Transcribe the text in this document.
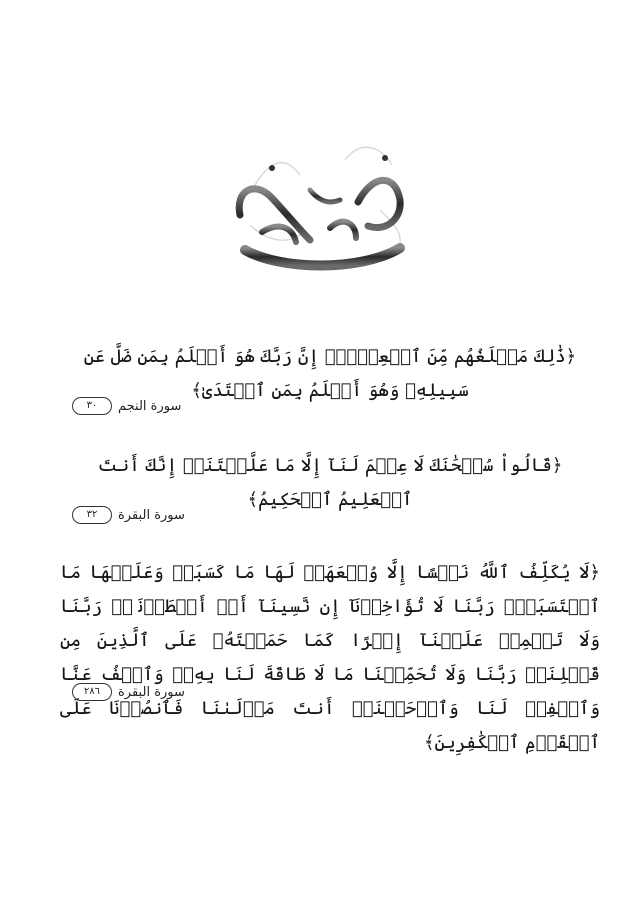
﴿ذَٰلِكَ مَبۡلَغُهُم مِّنَ ٱلۡعِلۡمِۚ إِنَّ رَبَّكَ هُوَ أَعۡلَمُ بِمَن ضَلَّ عَن سَبِيلِهِۦ وَهُوَ أَعۡلَمُ بِمَنِ ٱهۡتَدَىٰ﴾
٣٠	سورة النجم
﴿قَالُواْ سُبۡحَٰنَكَ لَا عِلۡمَ لَنَآ إِلَّا مَا عَلَّمۡتَنَآۖ إِنَّكَ أَنتَ ٱلۡعَلِيمُ ٱلۡحَكِيمُ﴾
٣٢	سورة البقرة
﴿لَا يُكَلِّفُ ٱللَّهُ نَفۡسًا إِلَّا وُسۡعَهَاۚ لَهَا مَا كَسَبَتۡ وَعَلَيۡهَا مَا ٱكۡتَسَبَتۡۗ رَبَّنَا لَا تُؤَاخِذۡنَآ إِن نَّسِينَآ أَوۡ أَخۡطَأۡنَاۚ رَبَّنَا وَلَا تَحۡمِلۡ عَلَيۡنَآ إِصۡرًا كَمَا حَمَلۡتَهُۥ عَلَى ٱلَّذِينَ مِن قَبۡلِنَاۚ رَبَّنَا وَلَا تُحَمِّلۡنَا مَا لَا طَاقَةَ لَنَا بِهِۦۖ وَٱعۡفُ عَنَّا وَٱغۡفِرۡ لَنَا وَٱرۡحَمۡنَآۚ أَنتَ مَوۡلَىٰنَا فَٱنصُرۡنَا عَلَى ٱلۡقَوۡمِ ٱلۡكَٰفِرِينَ﴾
٢٨٦	سورة البقرة
